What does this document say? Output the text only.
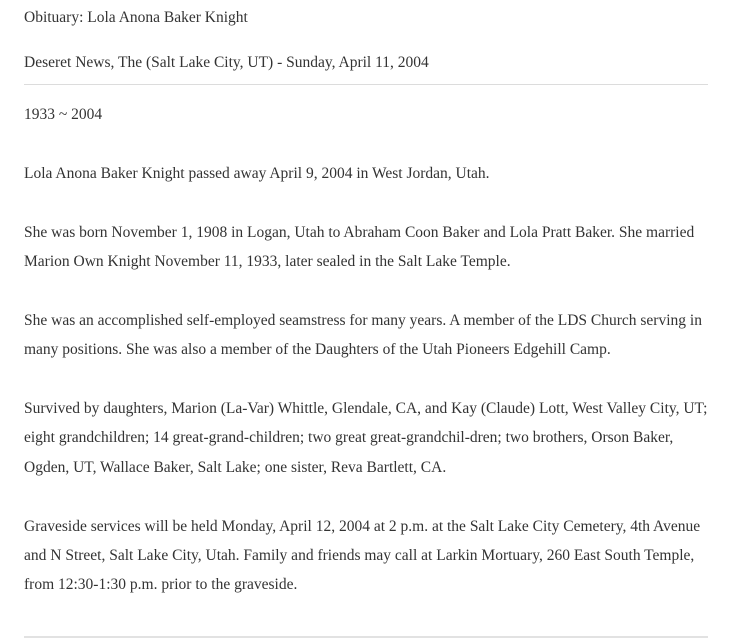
Obituary: Lola Anona Baker Knight
Deseret News, The (Salt Lake City, UT) - Sunday, April 11, 2004

1933 ~ 2004

Lola Anona Baker Knight passed away April 9, 2004 in West Jordan, Utah.

She was born November 1, 1908 in Logan, Utah to Abraham Coon Baker and Lola Pratt Baker. She married Marion Own Knight November 11, 1933, later sealed in the Salt Lake Temple.

She was an accomplished self-employed seamstress for many years. A member of the LDS Church serving in many positions. She was also a member of the Daughters of the Utah Pioneers Edgehill Camp.

Survived by daughters, Marion (La-Var) Whittle, Glendale, CA, and Kay (Claude) Lott, West Valley City, UT; eight grandchildren; 14 great-grand-children; two great great-grandchil-dren; two brothers, Orson Baker, Ogden, UT, Wallace Baker, Salt Lake; one sister, Reva Bartlett, CA.

Graveside services will be held Monday, April 12, 2004 at 2 p.m. at the Salt Lake City Cemetery, 4th Avenue and N Street, Salt Lake City, Utah. Family and friends may call at Larkin Mortuary, 260 East South Temple, from 12:30-1:30 p.m. prior to the graveside.
